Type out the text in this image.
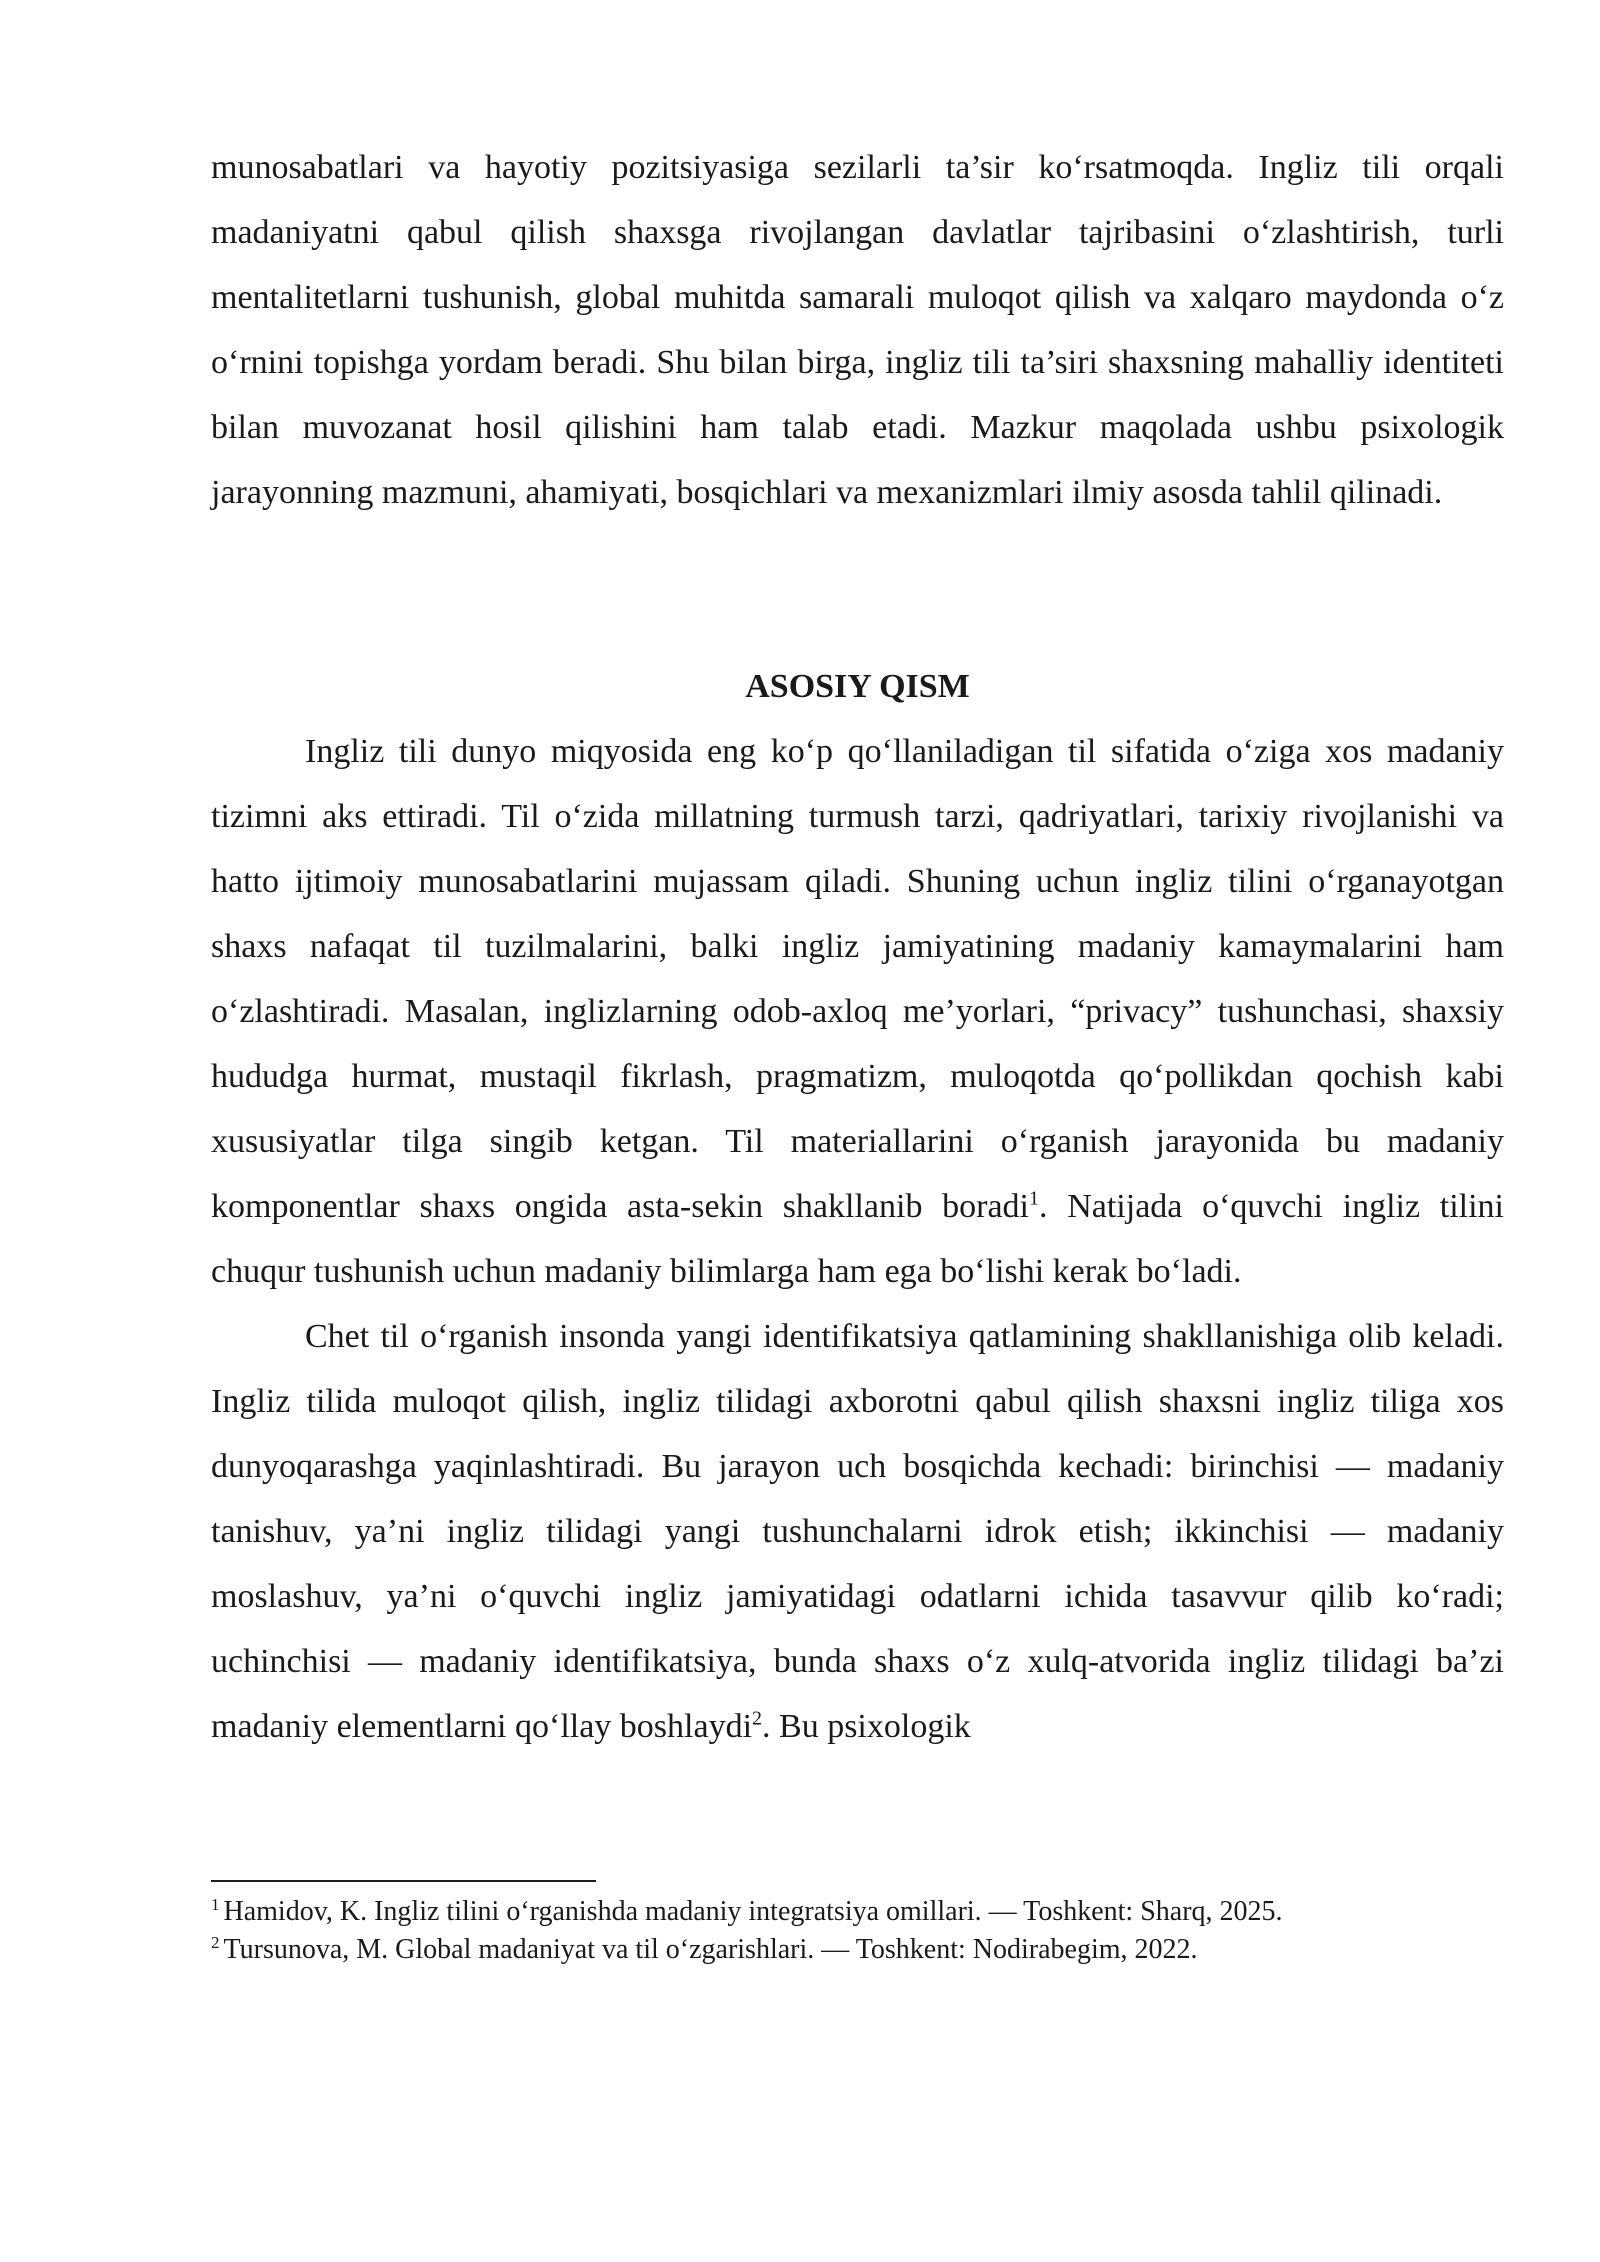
munosabatlari va hayotiy pozitsiyasiga sezilarli ta’sir ko‘rsatmoqda. Ingliz tili orqali madaniyatni qabul qilish shaxsga rivojlangan davlatlar tajribasini o‘zlashtirish, turli mentalitetlarni tushunish, global muhitda samarali muloqot qilish va xalqaro maydonda o‘z o‘rnini topishga yordam beradi. Shu bilan birga, ingliz tili ta’siri shaxsning mahalliy identiteti bilan muvozanat hosil qilishini ham talab etadi. Mazkur maqolada ushbu psixologik jarayonning mazmuni, ahamiyati, bosqichlari va mexanizmlari ilmiy asosda tahlil qilinadi.

ASOSIY QISM

Ingliz tili dunyo miqyosida eng ko‘p qo‘llaniladigan til sifatida o‘ziga xos madaniy tizimni aks ettiradi. Til o‘zida millatning turmush tarzi, qadriyatlari, tarixiy rivojlanishi va hatto ijtimoiy munosabatlarini mujassam qiladi. Shuning uchun ingliz tilini o‘rganayotgan shaxs nafaqat til tuzilmalarini, balki ingliz jamiyatining madaniy kamaymalarini ham o‘zlashtiradi. Masalan, inglizlarning odob-axloq me’yorlari, “privacy” tushunchasi, shaxsiy hududga hurmat, mustaqil fikrlash, pragmatizm, muloqotda qo‘pollikdan qochish kabi xususiyatlar tilga singib ketgan. Til materiallarini o‘rganish jarayonida bu madaniy komponentlar shaxs ongida asta-sekin shakllanib boradi$^1$. Natijada o‘quvchi ingliz tilini chuqur tushunish uchun madaniy bilimlarga ham ega bo‘lishi kerak bo‘ladi.

Chet til o‘rganish insonda yangi identifikatsiya qatlamining shakllanishiga olib keladi. Ingliz tilida muloqot qilish, ingliz tilidagi axborotni qabul qilish shaxsni ingliz tiliga xos dunyoqarashga yaqinlashtiradi. Bu jarayon uch bosqichda kechadi: birinchisi — madaniy tanishuv, ya’ni ingliz tilidagi yangi tushunchalarni idrok etish; ikkinchisi — madaniy moslashuv, ya’ni o‘quvchi ingliz jamiyatidagi odatlarni ichida tasavvur qilib ko‘radi; uchinchisi — madaniy identifikatsiya, bunda shaxs o‘z xulq-atvorida ingliz tilidagi ba’zi madaniy elementlarni qo‘llay boshlaydi$^2$. Bu psixologik

$^1$ Hamidov, K. Ingliz tilini o‘rganishda madaniy integratsiya omillari. — Toshkent: Sharq, 2025.

$^2$ Tursunova, M. Global madaniyat va til o‘zgarishlari. — Toshkent: Nodirabegim, 2022.
